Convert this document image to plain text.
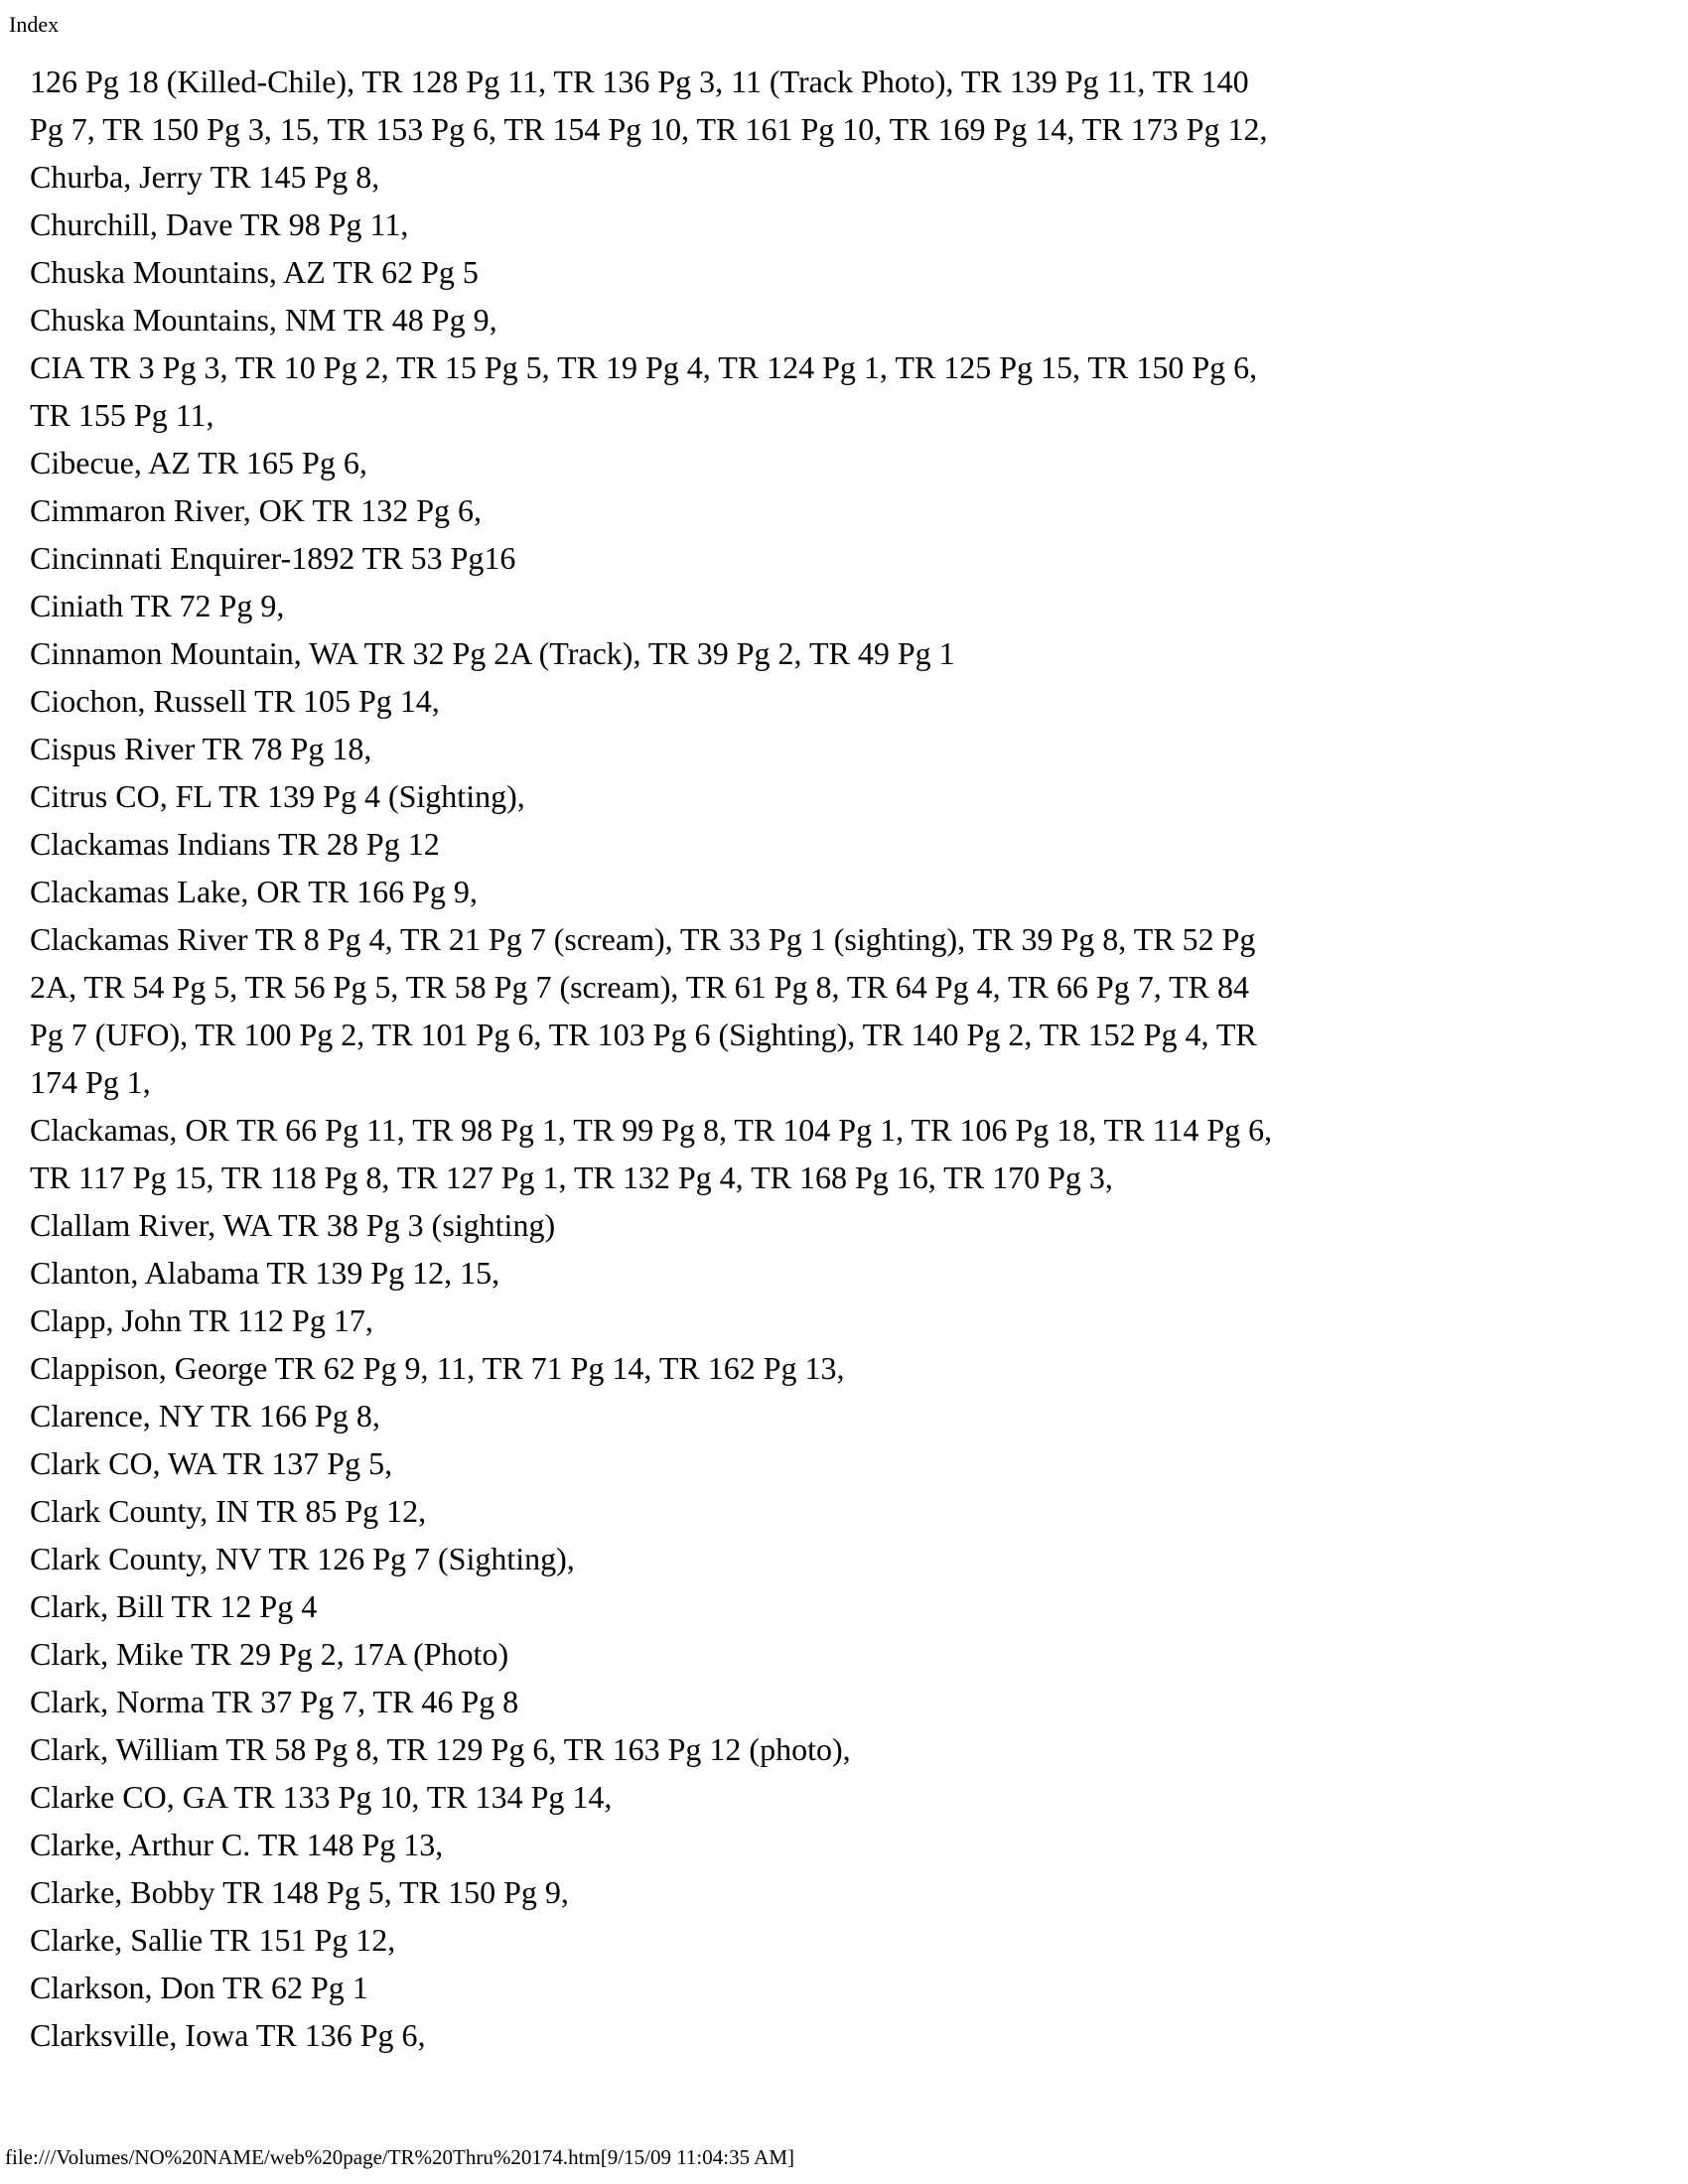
Index
126 Pg 18 (Killed-Chile), TR 128 Pg 11, TR 136 Pg 3, 11 (Track Photo), TR 139 Pg 11, TR 140
Pg 7, TR 150 Pg 3, 15, TR 153 Pg 6, TR 154 Pg 10, TR 161 Pg 10, TR 169 Pg 14, TR 173 Pg 12,
Churba, Jerry TR 145 Pg 8,
Churchill, Dave TR 98 Pg 11,
Chuska Mountains, AZ TR 62 Pg 5
Chuska Mountains, NM TR 48 Pg 9,
CIA TR 3 Pg 3, TR 10 Pg 2, TR 15 Pg 5, TR 19 Pg 4, TR 124 Pg 1, TR 125 Pg 15, TR 150 Pg 6,
TR 155 Pg 11,
Cibecue, AZ TR 165 Pg 6,
Cimmaron River, OK TR 132 Pg 6,
Cincinnati Enquirer-1892 TR 53 Pg16
Ciniath TR 72 Pg 9,
Cinnamon Mountain, WA TR 32 Pg 2A (Track), TR 39 Pg 2, TR 49 Pg 1
Ciochon, Russell TR 105 Pg 14,
Cispus River TR 78 Pg 18,
Citrus CO, FL TR 139 Pg 4 (Sighting),
Clackamas Indians TR 28 Pg 12
Clackamas Lake, OR TR 166 Pg 9,
Clackamas River TR 8 Pg 4, TR 21 Pg 7 (scream), TR 33 Pg 1 (sighting), TR 39 Pg 8, TR 52 Pg
2A, TR 54 Pg 5, TR 56 Pg 5, TR 58 Pg 7 (scream), TR 61 Pg 8, TR 64 Pg 4, TR 66 Pg 7, TR 84
Pg 7 (UFO), TR 100 Pg 2, TR 101 Pg 6, TR 103 Pg 6 (Sighting), TR 140 Pg 2, TR 152 Pg 4, TR
174 Pg 1,
Clackamas, OR TR 66 Pg 11, TR 98 Pg 1, TR 99 Pg 8, TR 104 Pg 1, TR 106 Pg 18, TR 114 Pg 6,
TR 117 Pg 15, TR 118 Pg 8, TR 127 Pg 1, TR 132 Pg 4, TR 168 Pg 16, TR 170 Pg 3,
Clallam River, WA TR 38 Pg 3 (sighting)
Clanton, Alabama TR 139 Pg 12, 15,
Clapp, John TR 112 Pg 17,
Clappison, George TR 62 Pg 9, 11, TR 71 Pg 14, TR 162 Pg 13,
Clarence, NY TR 166 Pg 8,
Clark CO, WA TR 137 Pg 5,
Clark County, IN TR 85 Pg 12,
Clark County, NV TR 126 Pg 7 (Sighting),
Clark, Bill TR 12 Pg 4
Clark, Mike TR 29 Pg 2, 17A (Photo)
Clark, Norma TR 37 Pg 7, TR 46 Pg 8
Clark, William TR 58 Pg 8, TR 129 Pg 6, TR 163 Pg 12 (photo),
Clarke CO, GA TR 133 Pg 10, TR 134 Pg 14,
Clarke, Arthur C. TR 148 Pg 13,
Clarke, Bobby TR 148 Pg 5, TR 150 Pg 9,
Clarke, Sallie TR 151 Pg 12,
Clarkson, Don TR 62 Pg 1
Clarksville, Iowa TR 136 Pg 6,
file:///Volumes/NO%20NAME/web%20page/TR%20Thru%20174.htm[9/15/09 11:04:35 AM]
